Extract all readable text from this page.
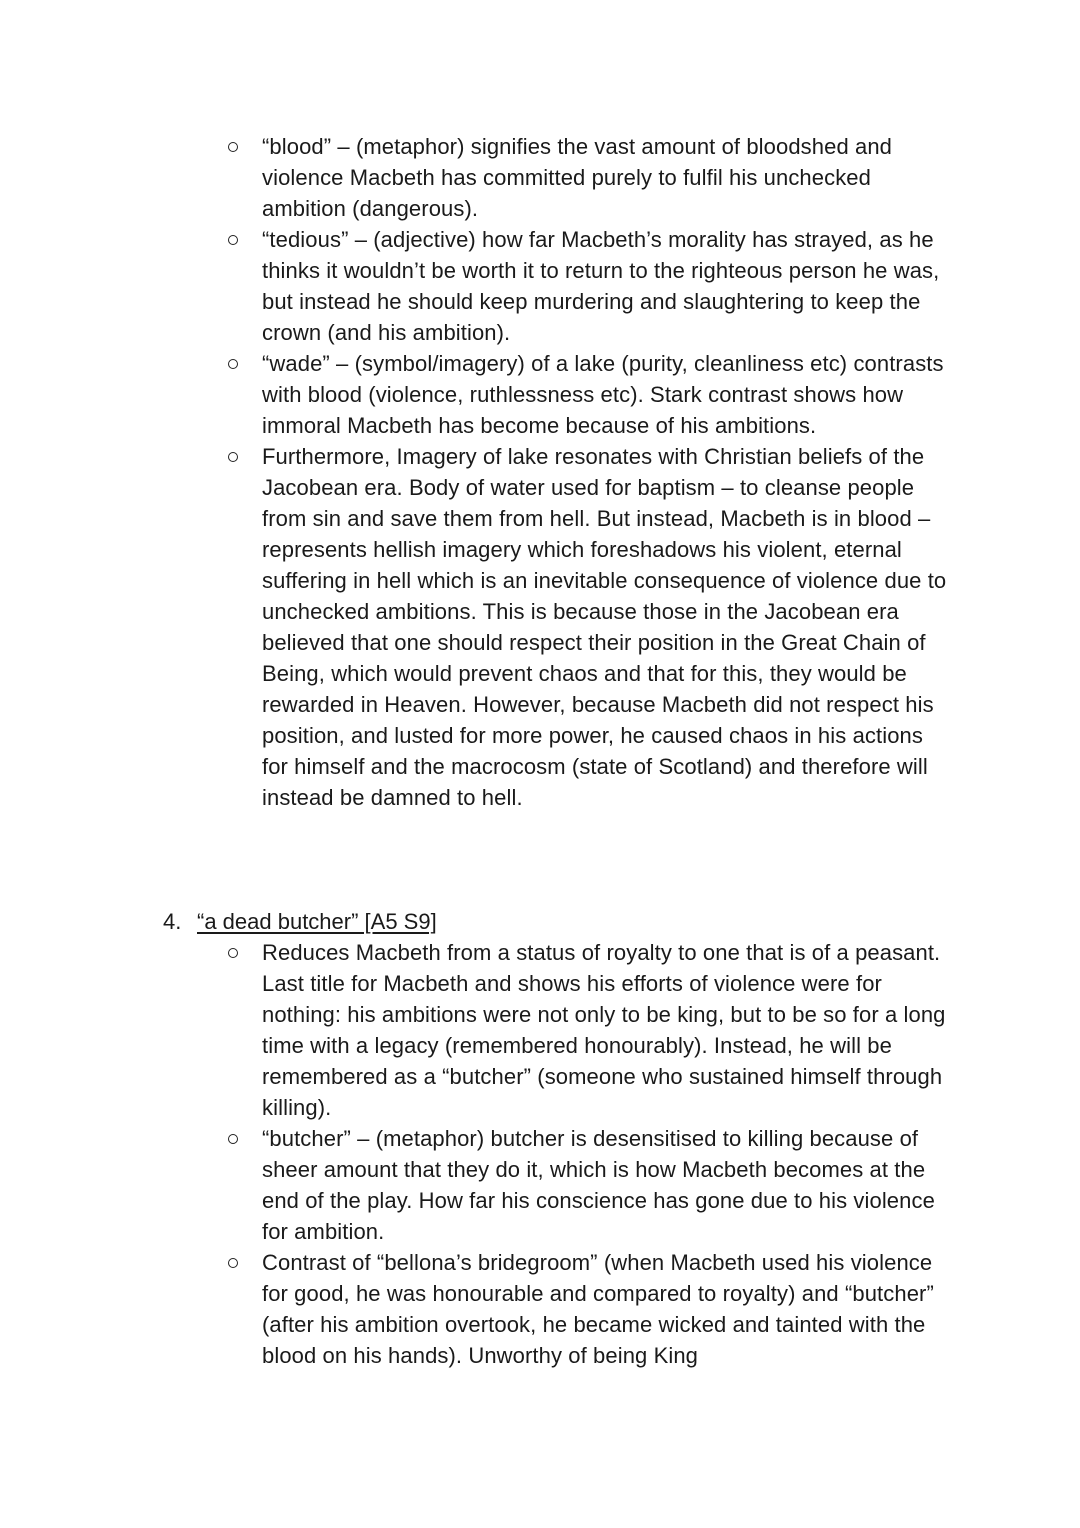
“blood” – (metaphor) signifies the vast amount of bloodshed and violence Macbeth has committed purely to fulfil his unchecked ambition (dangerous).
“tedious” – (adjective) how far Macbeth’s morality has strayed, as he thinks it wouldn’t be worth it to return to the righteous person he was, but instead he should keep murdering and slaughtering to keep the crown (and his ambition).
“wade” – (symbol/imagery) of a lake (purity, cleanliness etc) contrasts with blood (violence, ruthlessness etc). Stark contrast shows how immoral Macbeth has become because of his ambitions.
Furthermore, Imagery of lake resonates with Christian beliefs of the Jacobean era. Body of water used for baptism – to cleanse people from sin and save them from hell. But instead, Macbeth is in blood – represents hellish imagery which foreshadows his violent, eternal suffering in hell which is an inevitable consequence of violence due to unchecked ambitions. This is because those in the Jacobean era believed that one should respect their position in the Great Chain of Being, which would prevent chaos and that for this, they would be rewarded in Heaven. However, because Macbeth did not respect his position, and lusted for more power, he caused chaos in his actions for himself and the macrocosm (state of Scotland) and therefore will instead be damned to hell.
4. “a dead butcher” [A5 S9]
Reduces Macbeth from a status of royalty to one that is of a peasant. Last title for Macbeth and shows his efforts of violence were for nothing: his ambitions were not only to be king, but to be so for a long time with a legacy (remembered honourably). Instead, he will be remembered as a “butcher” (someone who sustained himself through killing).
“butcher” – (metaphor) butcher is desensitised to killing because of sheer amount that they do it, which is how Macbeth becomes at the end of the play. How far his conscience has gone due to his violence for ambition.
Contrast of “bellona’s bridegroom” (when Macbeth used his violence for good, he was honourable and compared to royalty) and “butcher” (after his ambition overtook, he became wicked and tainted with the blood on his hands). Unworthy of being King
